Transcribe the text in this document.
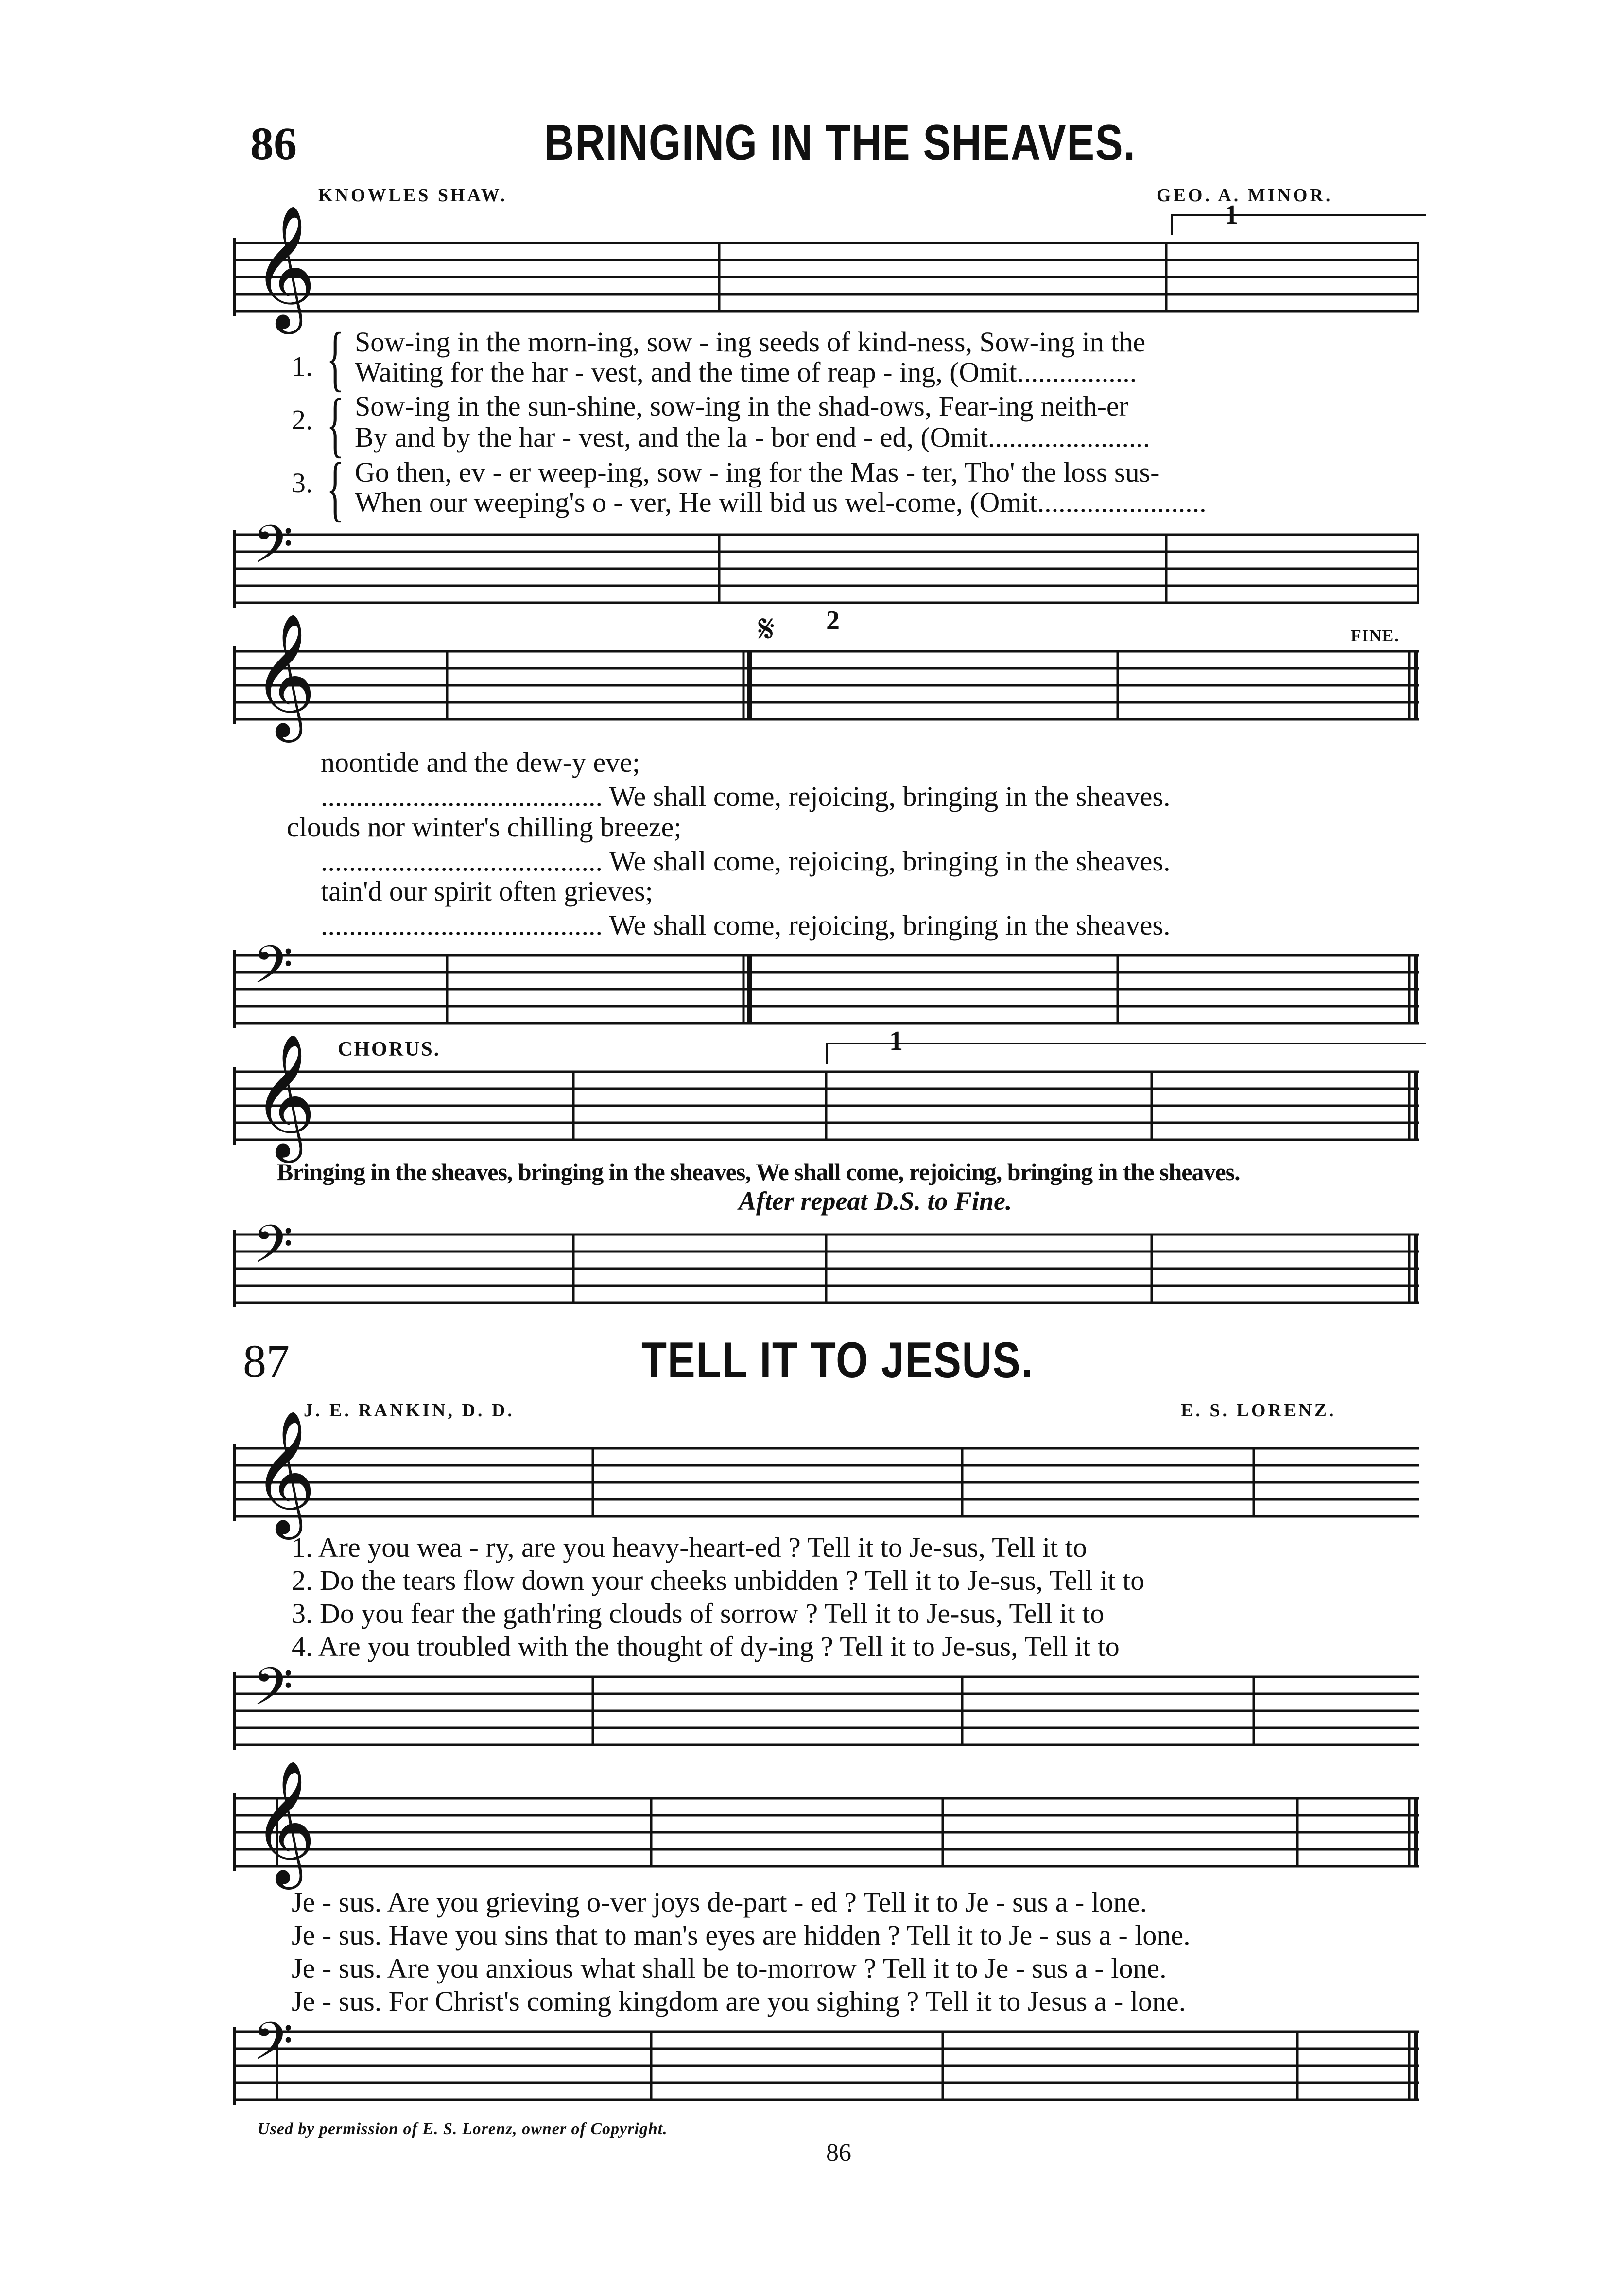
86	BRINGING IN THE SHEAVES.
KNOWLES SHAW.	GEO. A. MINOR.
1
𝄞
1.
2.
3.
{
{
{
Sow-ing in the morn-ing, sow - ing seeds of kind-ness, Sow-ing in the
Waiting for the har - vest, and the time of reap - ing, (Omit.................
Sow-ing in the sun-shine, sow-ing in the shad-ows, Fear-ing neith-er
By and by the har - vest, and the la - bor end - ed, (Omit.......................
Go then, ev - er weep-ing, sow - ing for the Mas - ter, Tho' the loss sus-
When our weeping's o - ver, He will bid us wel-come, (Omit........................
𝄢
𝄋 2
FINE.
𝄞
noontide and the dew-y eve;
........................................ We shall come, rejoicing, bringing in the sheaves.
clouds nor winter's chilling breeze;
........................................ We shall come, rejoicing, bringing in the sheaves.
tain'd our spirit often grieves;
........................................ We shall come, rejoicing, bringing in the sheaves.
𝄢
CHORUS.	1
𝄞
Bringing in the sheaves, bringing in the sheaves, We shall come, rejoicing, bringing in the sheaves.
After repeat D.S. to Fine.
𝄢
87	TELL IT TO JESUS.
J. E. RANKIN, D. D.	E. S. LORENZ.
𝄞
1. Are you wea - ry, are you heavy-heart-ed ? Tell it to Je-sus, Tell it to
2. Do the tears flow down your cheeks unbidden ? Tell it to Je-sus, Tell it to
3. Do you fear the gath'ring clouds of sorrow ? Tell it to Je-sus, Tell it to
4. Are you troubled with the thought of dy-ing ? Tell it to Je-sus, Tell it to
𝄢
𝄞
Je - sus. Are you grieving o-ver joys de-part - ed ? Tell it to Je - sus a - lone.
Je - sus. Have you sins that to man's eyes are hidden ? Tell it to Je - sus a - lone.
Je - sus. Are you anxious what shall be to-morrow ? Tell it to Je - sus a - lone.
Je - sus. For Christ's coming kingdom are you sighing ? Tell it to Jesus a - lone.
𝄢
Used by permission of E. S. Lorenz, owner of Copyright.
86
